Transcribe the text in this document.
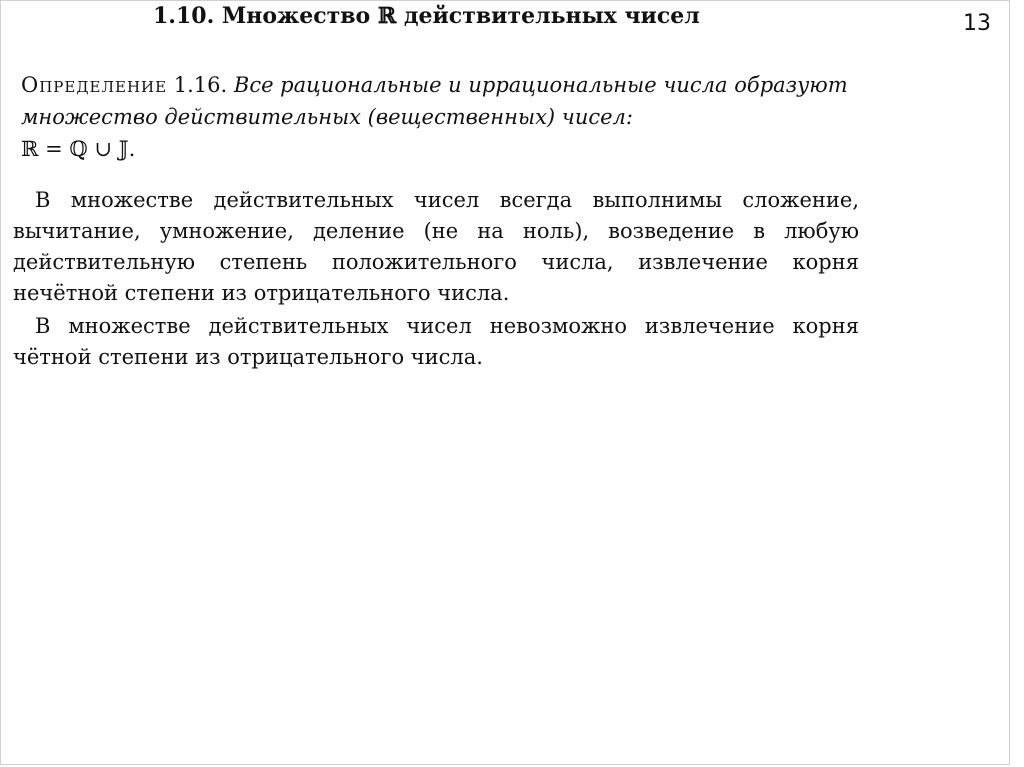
13
1.10. Множество ℝ действительных чисел

Определение 1.16. Все рациональные и иррациональные числа образуют множество действительных (вещественных) чисел:
ℝ = ℚ ∪ 𝕁.

В множестве действительных чисел всегда выполнимы сложение, вычитание, умножение, деление (не на ноль), возведение в любую действительную степень положительного числа, извлечение корня нечётной степени из отрицательного числа.

В множестве действительных чисел невозможно извлечение корня чётной степени из отрицательного числа.
